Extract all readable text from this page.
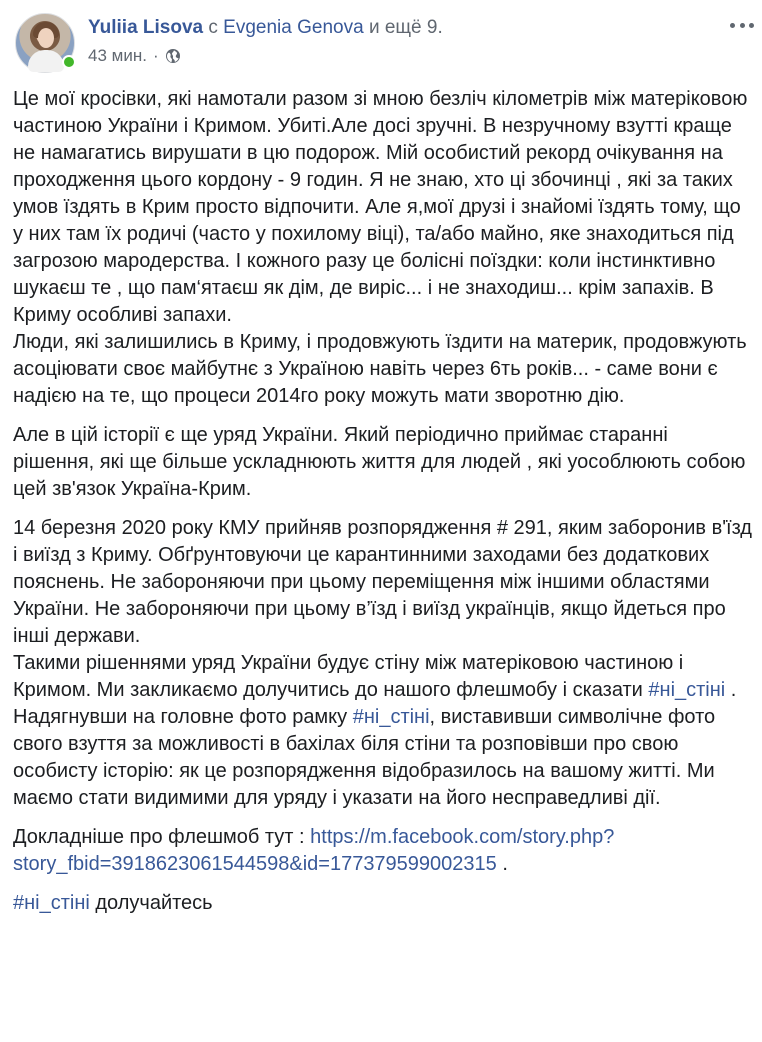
Yuliia Lisova с Evgenia Genova и ещё 9.
43 мин. ·

Це мої кросівки, які намотали разом зі мною безліч кілометрів між матеріковою частиною України і Кримом. Убиті.Але досі зручні. В незручному взутті краще не намагатись вирушати в цю подорож. Мій особистий рекорд очікування на проходження цього кордону - 9 годин. Я не знаю, хто ці збочинці , які за таких умов їздять в Крим просто відпочити. Але я,мої друзі і знайомі їздять тому, що у них там їх родичі (часто у похилому віці), та/або майно, яке знаходиться під загрозою мародерства. І кожного разу це болісні поїздки: коли інстинктивно шукаєш те , що пам‘ятаєш як дім, де виріс... і не знаходиш... крім запахів. В Криму особливі запахи.

Люди, які залишились в Криму, і продовжують їздити на материк, продовжують асоціювати своє майбутнє з Україною навіть через 6ть років... - саме вони є надією на те, що процеси 2014го року можуть мати зворотню дію.

Але в цій історії є ще уряд України. Який періодично приймає старанні рішення, які ще більше ускладнюють життя для людей , які уособлюють собою цей зв'язок Україна-Крим.

14 березня 2020 року КМУ прийняв розпорядження # 291, яким заборонив в'їзд і виїзд з Криму. Обґрунтовуючи це карантинними заходами без додаткових пояснень. Не забороняючи при цьому переміщення між іншими областями України. Не забороняючи при цьому в’їзд і виїзд українців, якщо йдеться про інші держави.

Такими рішеннями уряд України будує стіну між матеріковою частиною і Кримом. Ми закликаємо долучитись до нашого флешмобу і сказати #ні_стіні . Надягнувши на головне фото рамку #ні_стіні, виставивши символічне фото свого взуття за можливості в бахілах біля стіни та розповівши про свою особисту історію: як це розпорядження відобразилось на вашому житті. Ми маємо стати видимими для уряду і указати на його несправедливі дії.

Докладніше про флешмоб тут : https://m.facebook.com/story.php?story_fbid=3918623061544598&id=177379599002315 .

#ні_стіні долучайтесь
